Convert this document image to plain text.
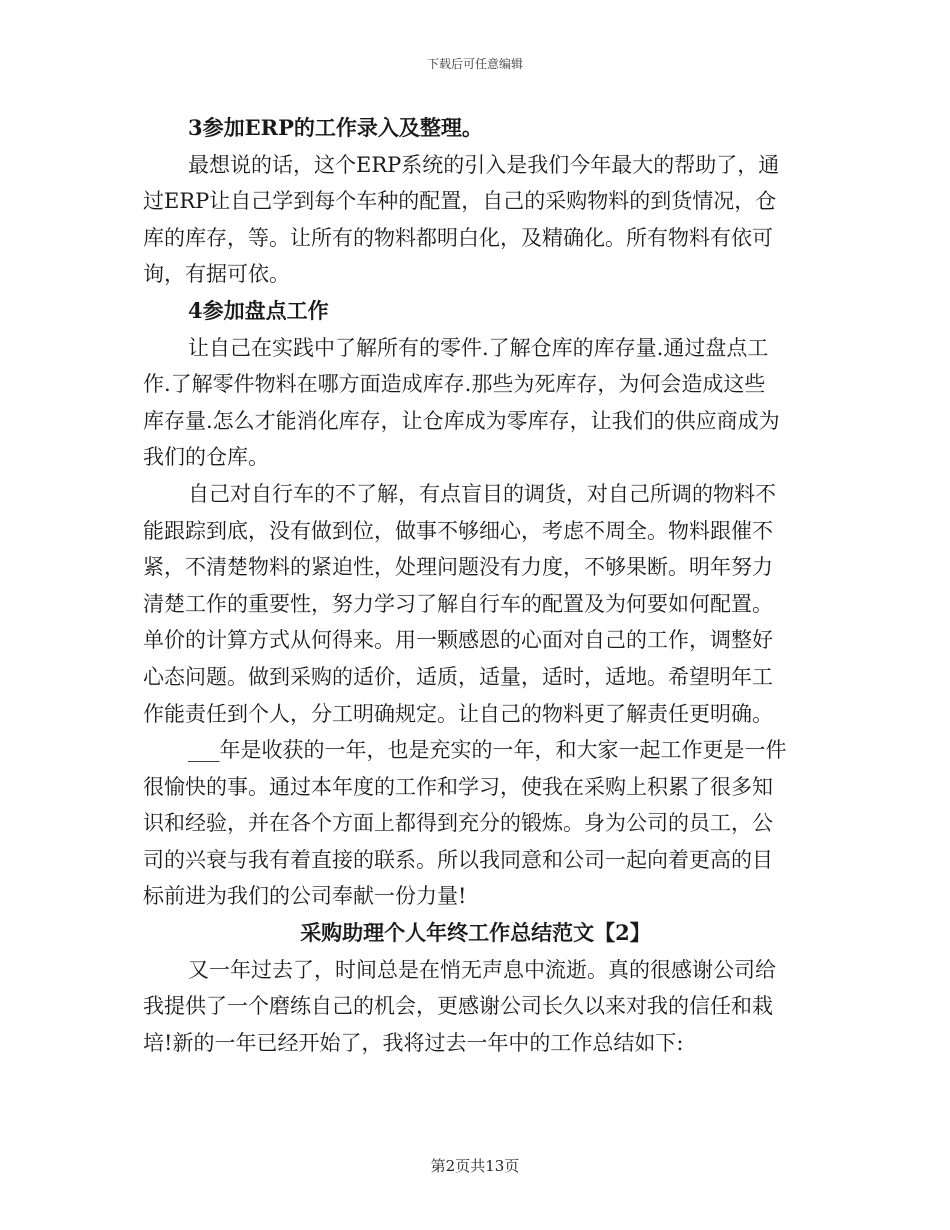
下载后可任意编辑
3参加ERP的工作录入及整理。
最想说的话，这个ERP系统的引入是我们今年最大的帮助了，通
过ERP让自己学到每个车种的配置，自己的采购物料的到货情况，仓
库的库存，等。让所有的物料都明白化，及精确化。所有物料有依可
询，有据可依。
4参加盘点工作
让自己在实践中了解所有的零件.了解仓库的库存量.通过盘点工
作.了解零件物料在哪方面造成库存.那些为死库存，为何会造成这些
库存量.怎么才能消化库存，让仓库成为零库存，让我们的供应商成为
我们的仓库。
自己对自行车的不了解，有点盲目的调货，对自己所调的物料不
能跟踪到底，没有做到位，做事不够细心，考虑不周全。物料跟催不
紧，不清楚物料的紧迫性，处理问题没有力度，不够果断。明年努力
清楚工作的重要性，努力学习了解自行车的配置及为何要如何配置。
单价的计算方式从何得来。用一颗感恩的心面对自己的工作，调整好
心态问题。做到采购的适价，适质，适量，适时，适地。希望明年工
作能责任到个人，分工明确规定。让自己的物料更了解责任更明确。
___年是收获的一年，也是充实的一年，和大家一起工作更是一件
很愉快的事。通过本年度的工作和学习，使我在采购上积累了很多知
识和经验，并在各个方面上都得到充分的锻炼。身为公司的员工，公
司的兴衰与我有着直接的联系。所以我同意和公司一起向着更高的目
标前进为我们的公司奉献一份力量!
采购助理个人年终工作总结范文【2】
又一年过去了，时间总是在悄无声息中流逝。真的很感谢公司给
我提供了一个磨练自己的机会，更感谢公司长久以来对我的信任和栽
培!新的一年已经开始了，我将过去一年中的工作总结如下:
第2页共13页
